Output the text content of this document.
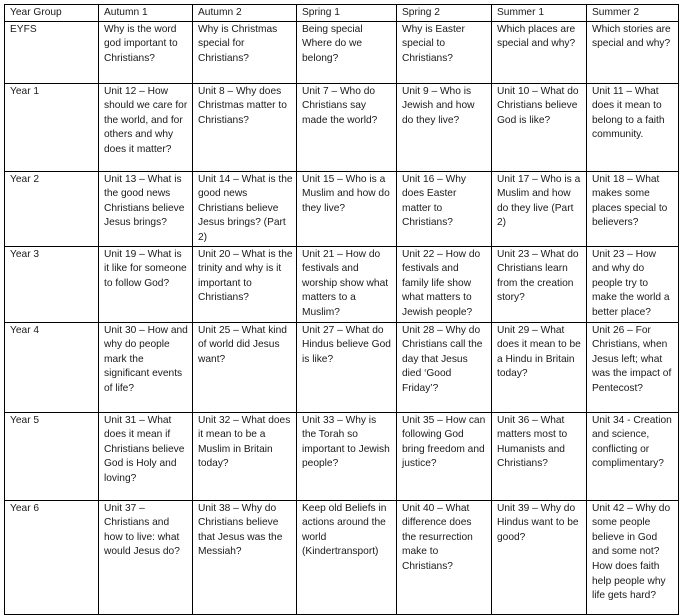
Year Group	Autumn 1	Autumn 2	Spring 1	Spring 2	Summer 1	Summer 2
EYFS	Why is the word god important to Christians?	Why is Christmas special for Christians?	Being special Where do we belong?	Why is Easter special to Christians?	Which places are special and why?	Which stories are special and why?
Year 1	Unit 12 – How should we care for the world, and for others and why does it matter?	Unit 8 – Why does Christmas matter to Christians?	Unit 7 – Who do Christians say made the world?	Unit 9 – Who is Jewish and how do they live?	Unit 10 – What do Christians believe God is like?	Unit 11 – What does it mean to belong to a faith community.
Year 2	Unit 13 – What is the good news Christians believe Jesus brings?	Unit 14 – What is the good news Christians believe Jesus brings? (Part 2)	Unit 15 – Who is a Muslim and how do they live?	Unit 16 – Why does Easter matter to Christians?	Unit 17 – Who is a Muslim and how do they live (Part 2)	Unit 18 – What makes some places special to believers?
Year 3	Unit 19 – What is it like for someone to follow God?	Unit 20 – What is the trinity and why is it important to Christians?	Unit 21 – How do festivals and worship show what matters to a Muslim?	Unit 22 – How do festivals and family life show what matters to Jewish people?	Unit 23 – What do Christians learn from the creation story?	Unit 23 – How and why do people try to make the world a better place?
Year 4	Unit 30 – How and why do people mark the significant events of life?	Unit 25 – What kind of world did Jesus want?	Unit 27 – What do Hindus believe God is like?	Unit 28 – Why do Christians call the day that Jesus died ‘Good Friday’?	Unit 29 – What does it mean to be a Hindu in Britain today?	Unit 26 – For Christians, when Jesus left; what was the impact of Pentecost?
Year 5	Unit 31 – What does it mean if Christians believe God is Holy and loving?	Unit 32 – What does it mean to be a Muslim in Britain today?	Unit 33 – Why is the Torah so important to Jewish people?	Unit 35 – How can following God bring freedom and justice?	Unit 36 – What matters most to Humanists and Christians?	Unit 34 - Creation and science, conflicting or complimentary?
Year 6	Unit 37 – Christians and how to live: what would Jesus do?	Unit 38 – Why do Christians believe that Jesus was the Messiah?	Keep old Beliefs in actions around the world (Kindertransport)	Unit 40 – What difference does the resurrection make to Christians?	Unit 39 – Why do Hindus want to be good?	Unit 42 – Why do some people believe in God and some not? How does faith help people why life gets hard?
